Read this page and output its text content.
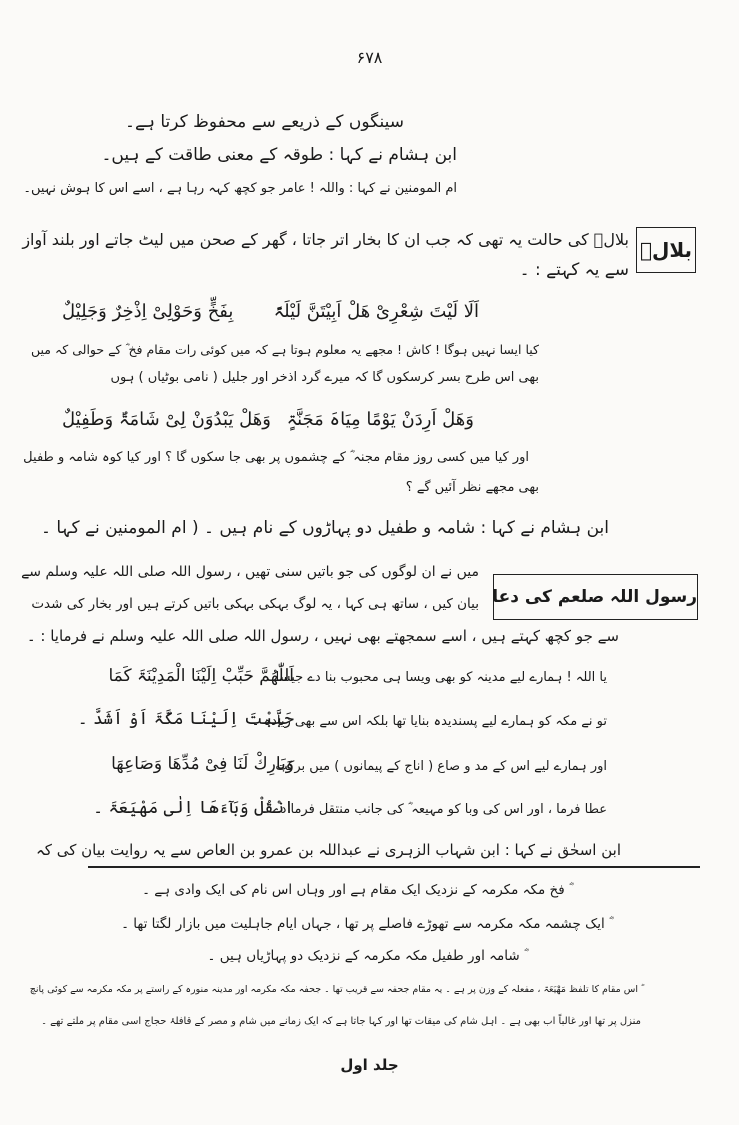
۶۷۸
سینگوں کے ذریعے سے محفوظ کرتا ہے۔
ابن ہشام نے کہا : طوقہ کے معنی طاقت کے ہیں۔
ام المومنین نے کہا : واللہ ! عامر جو کچھ کہہ رہا ہے ، اسے اس کا ہوش نہیں۔
بلالؓ
بلالؓ کی حالت یہ تھی کہ جب ان کا بخار اتر جاتا ، گھر کے صحن میں لیٹ جاتے اور بلند آواز
سے یہ کہتے : ۔
اَلَا لَیْتَ شِعْرِیْ ھَلْ اَبِیْتَنَّ لَیْلَۃً
بِفَخٍّ وَحَوْلِیْ اِذْخِرٌ وَجَلِیْلٌ
کیا ایسا نہیں ہوگا ! کاش ! مجھے یہ معلوم ہوتا ہے کہ میں کوئی رات مقام فخ ؓ کے حوالی کہ میں
بھی اس طرح بسر کرسکوں گا کہ میرے گرد اذخر اور جلیل ( نامی بوٹیاں ) ہوں
وَھَلْ اَرِدَنْ یَوْمًا مِیَاہَ مَجَنَّۃٍ
وَھَلْ یَبْدُوَنْ لِیْ شَامَۃٌ وَطَفِیْلٌ
اور کیا میں کسی روز مقام مجنہ ؓ کے چشموں پر بھی جا سکوں گا ؟ اور کیا کوہ شامہ و طفیل
بھی مجھے نظر آئیں گے ؟
ابن ہشام نے کہا : شامہ و طفیل دو پہاڑوں کے نام ہیں ۔ ( ام المومنین نے کہا ۔
رسول اللہ صلعم کی دعا
میں نے ان لوگوں کی جو باتیں سنی تھیں ، رسول اللہ صلی اللہ علیہ وسلم سے
بیان کیں ، ساتھ ہی کہا ، یہ لوگ بہکی بہکی باتیں کرتے ہیں اور بخار کی شدت
سے جو کچھ کہتے ہیں ، اسے سمجھتے بھی نہیں ، رسول اللہ صلی اللہ علیہ وسلم نے فرمایا : ۔
اَللّٰھُمَّ حَبِّبْ اِلَیْنَا الْمَدِیْنَۃَ کَمَا
یا اللہ ! ہمارے لیے مدینہ کو بھی ویسا ہی محبوب بنا دے جیسا
حَبَّبْتَ اِلَیْنَا مَکَّۃَ اَوْ اَشَدَّ ۔
تو نے مکہ کو ہمارے لیے پسندیدہ بنایا تھا بلکہ اس سے بھی زیادہ ۔
وَبَارِكْ لَنَا فِیْ مُدِّھَا وَصَاعِھَا
اور ہمارے لیے اس کے مد و صاع ( اناج کے پیمانوں ) میں برکت
انْقُلْ وَبَآءَھَا اِلٰی مَھْیَعَۃَ ۔
عطا فرما ، اور اس کی وبا کو مہیعہ ؓ کی جانب منتقل فرما دے
ابن اسحٰق نے کہا : ابن شہاب الزہری نے عبداللہ بن عمرو بن العاص سے یہ روایت بیان کی کہ
ؓ فخ مکہ مکرمہ کے نزدیک ایک مقام ہے اور وہاں اس نام کی ایک وادی ہے ۔
ؓ ایک چشمہ مکہ مکرمہ سے تھوڑے فاصلے پر تھا ، جہاں ایام جاہلیت میں بازار لگتا تھا ۔
ؓ شامہ اور طفیل مکہ مکرمہ کے نزدیک دو پہاڑیاں ہیں ۔
ؓ اس مقام کا تلفظ مَھْیَعَۃ ، مفعلہ کے وزن پر ہے ۔ یہ مقام جحفہ سے قریب تھا ۔ جحفہ مکہ مکرمہ اور مدینہ منورہ کے راستے پر مکہ مکرمہ سے کوئی پانچ
منزل پر تھا اور غالباً اب بھی ہے ۔ اہل شام کی میقات تھا اور کہا جاتا ہے کہ ایک زمانے میں شام و مصر کے قافلۂ حجاج اسی مقام پر ملتے تھے ۔
جلد اول
